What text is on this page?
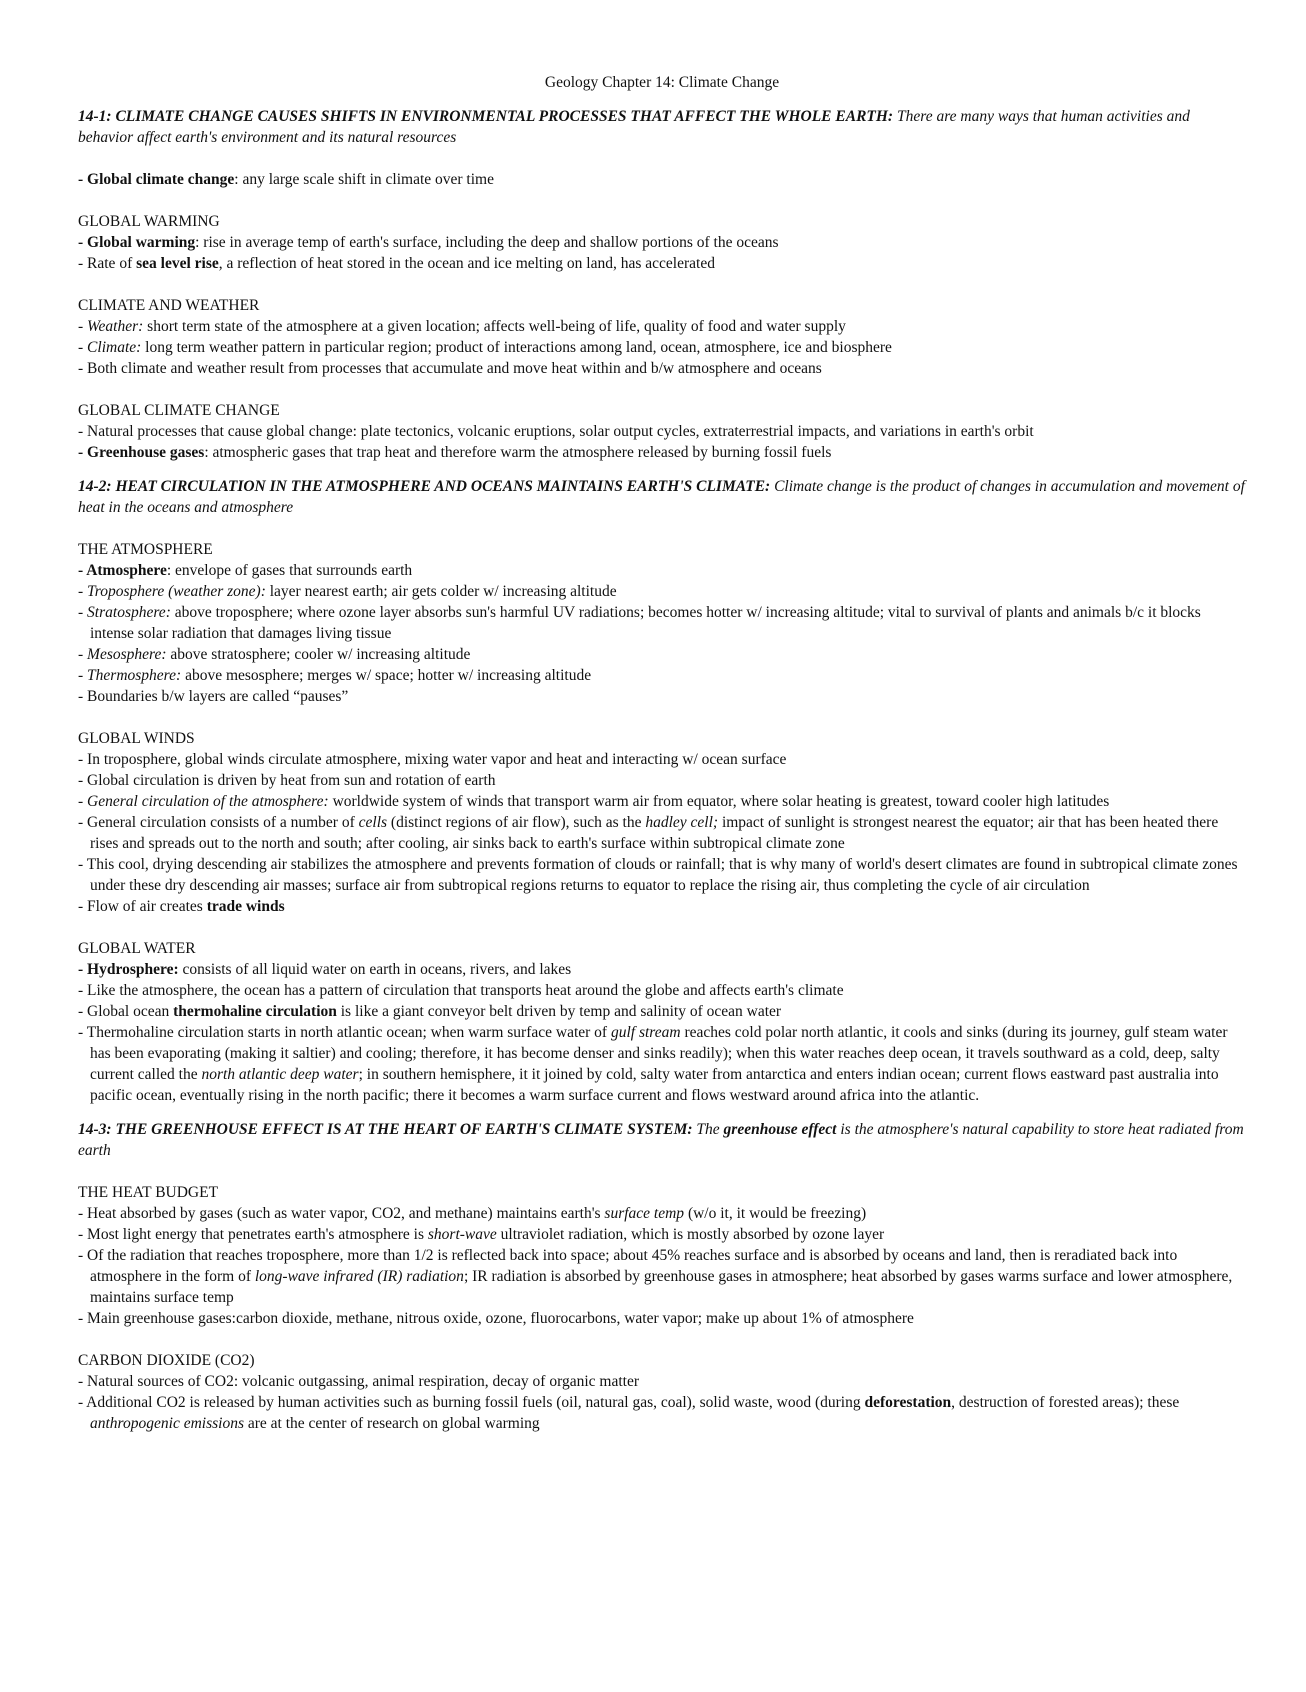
Geology Chapter 14: Climate Change

14-1: CLIMATE CHANGE CAUSES SHIFTS IN ENVIRONMENTAL PROCESSES THAT AFFECT THE WHOLE EARTH: There are many ways that human activities and behavior affect earth's environment and its natural resources

- Global climate change: any large scale shift in climate over time

GLOBAL WARMING

- Global warming: rise in average temp of earth's surface, including the deep and shallow portions of the oceans

- Rate of sea level rise, a reflection of heat stored in the ocean and ice melting on land, has accelerated

CLIMATE AND WEATHER

- Weather: short term state of the atmosphere at a given location; affects well-being of life, quality of food and water supply

- Climate: long term weather pattern in particular region; product of interactions among land, ocean, atmosphere, ice and biosphere

- Both climate and weather result from processes that accumulate and move heat within and b/w atmosphere and oceans

GLOBAL CLIMATE CHANGE

- Natural processes that cause global change: plate tectonics, volcanic eruptions, solar output cycles, extraterrestrial impacts, and variations in earth's orbit

- Greenhouse gases: atmospheric gases that trap heat and therefore warm the atmosphere released by burning fossil fuels

14-2: HEAT CIRCULATION IN THE ATMOSPHERE AND OCEANS MAINTAINS EARTH'S CLIMATE: Climate change is the product of changes in accumulation and movement of heat in the oceans and atmosphere

THE ATMOSPHERE

- Atmosphere: envelope of gases that surrounds earth

- Troposphere (weather zone): layer nearest earth; air gets colder w/ increasing altitude

- Stratosphere: above troposphere; where ozone layer absorbs sun's harmful UV radiations; becomes hotter w/ increasing altitude; vital to survival of plants and animals b/c it blocks intense solar radiation that damages living tissue

- Mesosphere: above stratosphere; cooler w/ increasing altitude

- Thermosphere: above mesosphere; merges w/ space; hotter w/ increasing altitude

- Boundaries b/w layers are called “pauses”

GLOBAL WINDS

- In troposphere, global winds circulate atmosphere, mixing water vapor and heat and interacting w/ ocean surface

- Global circulation is driven by heat from sun and rotation of earth

- General circulation of the atmosphere: worldwide system of winds that transport warm air from equator, where solar heating is greatest, toward cooler high latitudes

- General circulation consists of a number of cells (distinct regions of air flow), such as the hadley cell; impact of sunlight is strongest nearest the equator; air that has been heated there rises and spreads out to the north and south; after cooling, air sinks back to earth's surface within subtropical climate zone

- This cool, drying descending air stabilizes the atmosphere and prevents formation of clouds or rainfall; that is why many of world's desert climates are found in subtropical climate zones under these dry descending air masses; surface air from subtropical regions returns to equator to replace the rising air, thus completing the cycle of air circulation

- Flow of air creates trade winds

GLOBAL WATER

- Hydrosphere: consists of all liquid water on earth in oceans, rivers, and lakes

- Like the atmosphere, the ocean has a pattern of circulation that transports heat around the globe and affects earth's climate

- Global ocean thermohaline circulation is like a giant conveyor belt driven by temp and salinity of ocean water

- Thermohaline circulation starts in north atlantic ocean; when warm surface water of gulf stream reaches cold polar north atlantic, it cools and sinks (during its journey, gulf steam water has been evaporating (making it saltier) and cooling; therefore, it has become denser and sinks readily); when this water reaches deep ocean, it travels southward as a cold, deep, salty current called the north atlantic deep water; in southern hemisphere, it it joined by cold, salty water from antarctica and enters indian ocean; current flows eastward past australia into pacific ocean, eventually rising in the north pacific; there it becomes a warm surface current and flows westward around africa into the atlantic.

14-3: THE GREENHOUSE EFFECT IS AT THE HEART OF EARTH'S CLIMATE SYSTEM: The greenhouse effect is the atmosphere's natural capability to store heat radiated from earth

THE HEAT BUDGET

- Heat absorbed by gases (such as water vapor, CO2, and methane) maintains earth's surface temp (w/o it, it would be freezing)

- Most light energy that penetrates earth's atmosphere is short-wave ultraviolet radiation, which is mostly absorbed by ozone layer

- Of the radiation that reaches troposphere, more than 1/2 is reflected back into space; about 45% reaches surface and is absorbed by oceans and land, then is reradiated back into atmosphere in the form of long-wave infrared (IR) radiation; IR radiation is absorbed by greenhouse gases in atmosphere; heat absorbed by gases warms surface and lower atmosphere, maintains surface temp

- Main greenhouse gases:carbon dioxide, methane, nitrous oxide, ozone, fluorocarbons, water vapor; make up about 1% of atmosphere

CARBON DIOXIDE (CO2)

- Natural sources of CO2: volcanic outgassing, animal respiration, decay of organic matter

- Additional CO2 is released by human activities such as burning fossil fuels (oil, natural gas, coal), solid waste, wood (during deforestation, destruction of forested areas); these anthropogenic emissions are at the center of research on global warming
